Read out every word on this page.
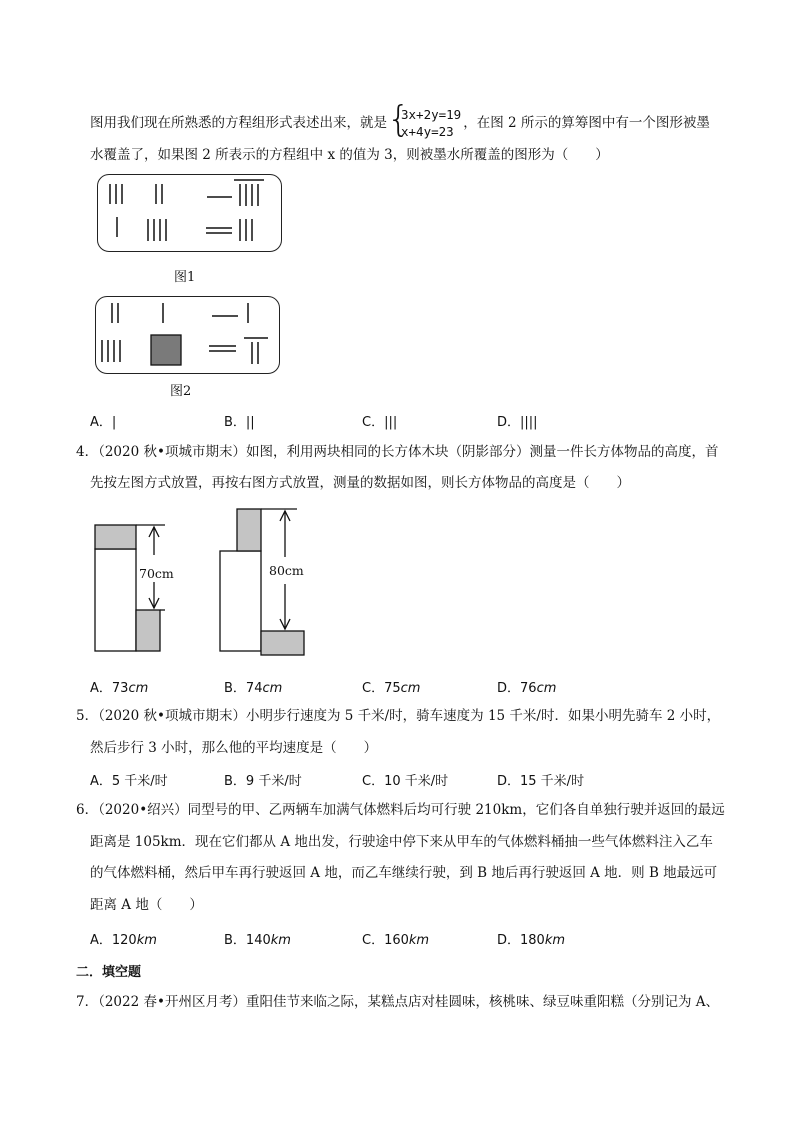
图用我们现在所熟悉的方程组形式表述出来，就是 {
3x+2y=19
x+4y=23，在图 2 所示的算筹图中有一个图形被墨
水覆盖了，如果图 2 所表示的方程组中 x 的值为 3，则被墨水所覆盖的图形为（　　）
图1
图2
A．|	B．||	C．|||	D．||||
4．（2020 秋•项城市期末）如图，利用两块相同的长方体木块（阴影部分）测量一件长方体物品的高度，首
先按左图方式放置，再按右图方式放置，测量的数据如图，则长方体物品的高度是（　　）
70cm	80cm
A．73cm	B．74cm	C．75cm	D．76cm
5．（2020 秋•项城市期末）小明步行速度为 5 千米/时，骑车速度为 15 千米/时．如果小明先骑车 2 小时，
然后步行 3 小时，那么他的平均速度是（　　）
A．5 千米/时	B．9 千米/时	C．10 千米/时	D．15 千米/时
6．（2020•绍兴）同型号的甲、乙两辆车加满气体燃料后均可行驶 210km，它们各自单独行驶并返回的最远
距离是 105km．现在它们都从 A 地出发，行驶途中停下来从甲车的气体燃料桶抽一些气体燃料注入乙车
的气体燃料桶，然后甲车再行驶返回 A 地，而乙车继续行驶，到 B 地后再行驶返回 A 地．则 B 地最远可
距离 A 地（　　）
A．120km	B．140km	C．160km	D．180km
二．填空题
7．（2022 春•开州区月考）重阳佳节来临之际，某糕点店对桂圆味，核桃味、绿豆味重阳糕（分别记为 A、
